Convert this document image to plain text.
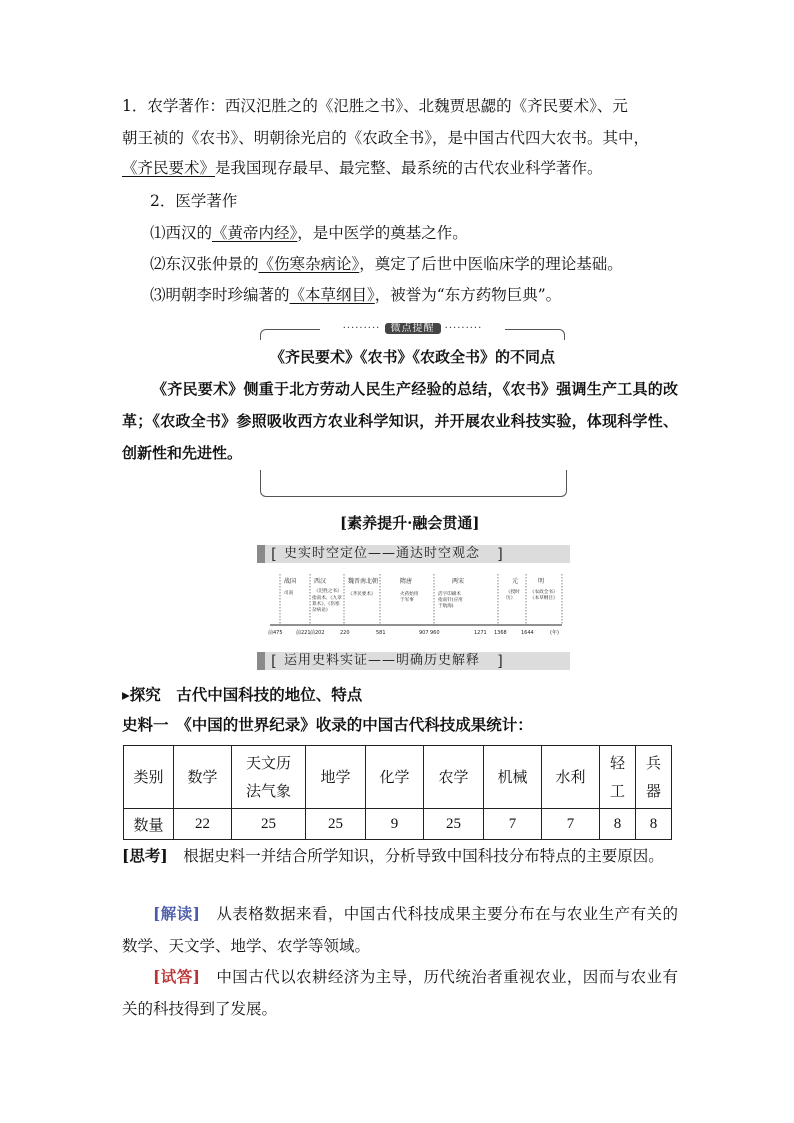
1．农学著作：西汉氾胜之的《氾胜之书》、北魏贾思勰的《齐民要术》、元
朝王祯的《农书》、明朝徐光启的《农政全书》，是中国古代四大农书。其中，
《齐民要术》是我国现存最早、最完整、最系统的古代农业科学著作。
2．医学著作
⑴西汉的《黄帝内经》，是中医学的奠基之作。
⑵东汉张仲景的《伤寒杂病论》，奠定了后世中医临床学的理论基础。
⑶明朝李时珍编著的《本草纲目》，被誉为“东方药物巨典”。
········· 微点提醒 ·········
《齐民要术》《农书》《农政全书》的不同点
《齐民要术》侧重于北方劳动人民生产经验的总结，《农书》强调生产工具的改革；《农政全书》参照吸收西方农业科学知识，并开展农业科技实验，体现科学性、创新性和先进性。
[素养提升·融会贯通]
[ 史实时空定位——通达时空观念 ]
战国	西汉	魏晋南北朝	隋唐	两宋	元	明
司南	《氾胜之书》
指南术、《九章
算术》、《伤寒
杂病论》
《齐民要术》	火药始用
于军事
活字印刷术
指南针(应用
于航海)
《授时
历》
《农政全书》
《本草纲目》
前475	前221 前202	220	581	907 960	1271 1368	1644	(年)
[ 运用史料实证——明确历史解释 ]
▸探究　 古代中国科技的地位、特点
史料一　 《中国的世界纪录》收录的中国古代科技成果统计：
类别	数学	天文历法气象	地学	化学	农学	机械	水利	轻工	兵器
数量	22	25	25	9	25	7	7	8	8
[思考]　 根据史料一并结合所学知识，分析导致中国科技分布特点的主要原因。
[解读]　 从表格数据来看，中国古代科技成果主要分布在与农业生产有关的数学、天文学、地学、农学等领域。
[试答]　 中国古代以农耕经济为主导，历代统治者重视农业，因而与农业有关的科技得到了发展。
